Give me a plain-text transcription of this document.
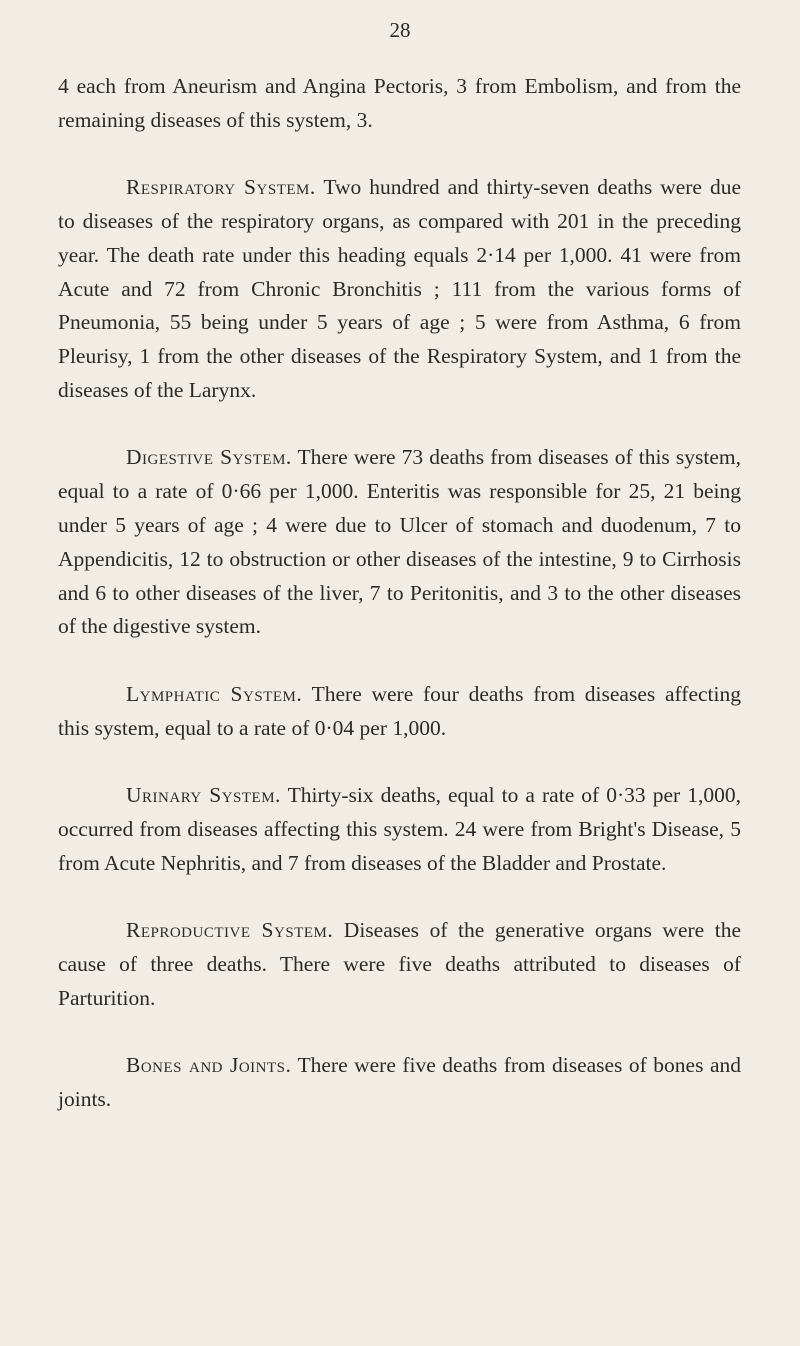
28

4 each from Aneurism and Angina Pectoris, 3 from Embolism, and from the remaining diseases of this system, 3.

Respiratory System. Two hundred and thirty-seven deaths were due to diseases of the respiratory organs, as compared with 201 in the preceding year. The death rate under this heading equals 2·14 per 1,000. 41 were from Acute and 72 from Chronic Bronchitis ; 111 from the various forms of Pneumonia, 55 being under 5 years of age ; 5 were from Asthma, 6 from Pleurisy, 1 from the other diseases of the Respiratory System, and 1 from the diseases of the Larynx.

Digestive System. There were 73 deaths from diseases of this system, equal to a rate of 0·66 per 1,000. Enteritis was responsible for 25, 21 being under 5 years of age ; 4 were due to Ulcer of stomach and duodenum, 7 to Appendicitis, 12 to obstruction or other diseases of the intestine, 9 to Cirrhosis and 6 to other diseases of the liver, 7 to Peritonitis, and 3 to the other diseases of the digestive system.

Lymphatic System. There were four deaths from diseases affecting this system, equal to a rate of 0·04 per 1,000.

Urinary System. Thirty-six deaths, equal to a rate of 0·33 per 1,000, occurred from diseases affecting this system. 24 were from Bright's Disease, 5 from Acute Nephritis, and 7 from diseases of the Bladder and Prostate.

Reproductive System. Diseases of the generative organs were the cause of three deaths. There were five deaths attributed to diseases of Parturition.

Bones and Joints. There were five deaths from diseases of bones and joints.
